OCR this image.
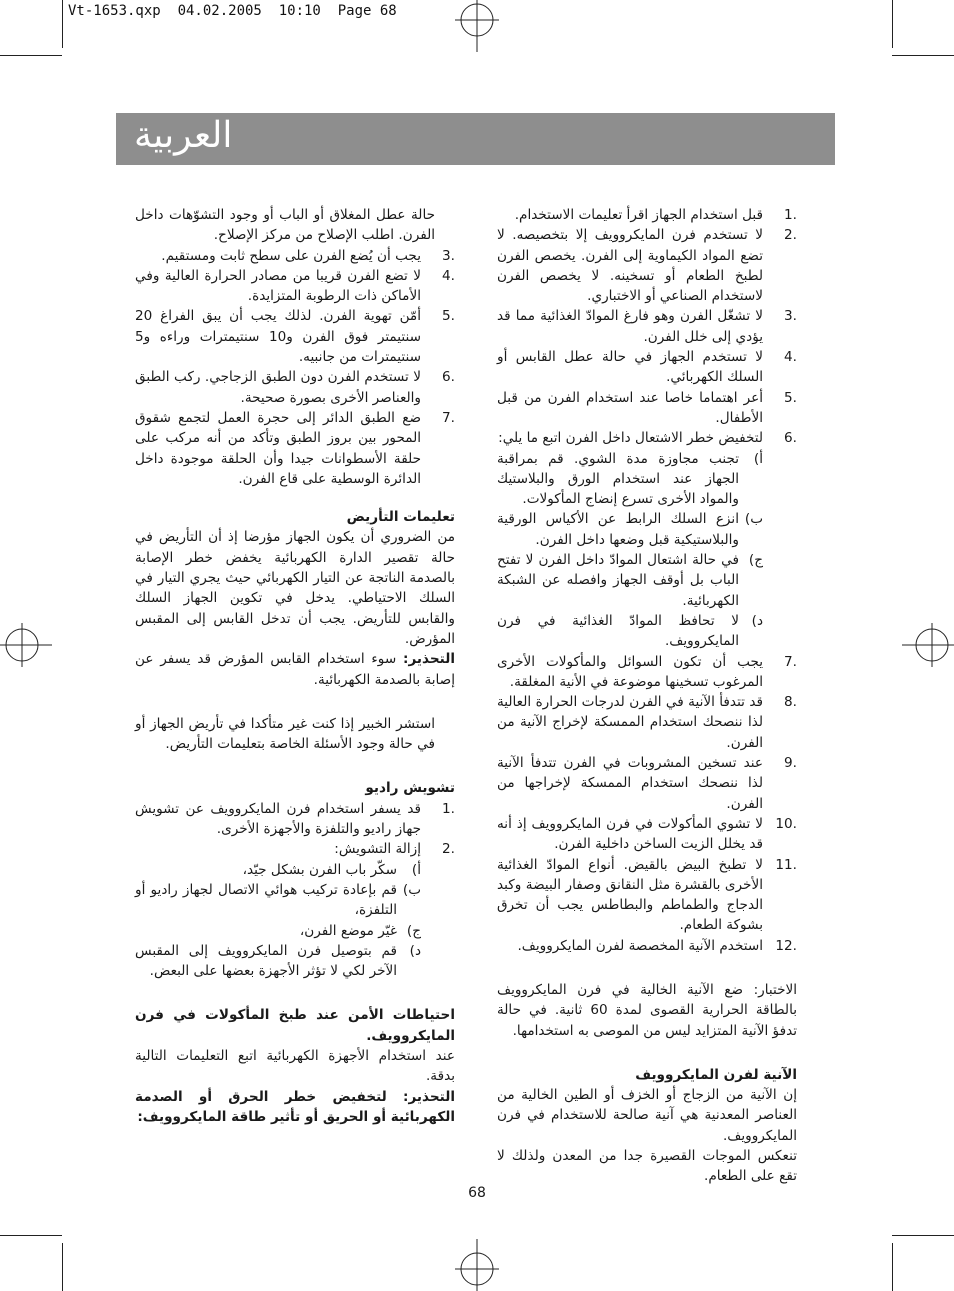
Vt-1653.qxp  04.02.2005  10:10  Page 68
العربية
.1
قبل استخدام الجهاز اقرأ تعليمات الاستخدام.
.2
لا تستخدم فرن المايكروويف إلا بتخصيصه. لا تضع المواد الكيماوية إلى الفرن. يخصص الفرن لطبخ الطعام أو تسخينه. لا يخصص الفرن لاستخدام الصناعي أو الاختباري.
.3
لا تشغّل الفرن وهو فارغ الموادّ الغذائية مما قد يؤدي إلى خلل الفرن.
.4
لا تستخدم الجهاز في حالة عطل القابس أو السلك الكهربائي.
.5
أعر اهتماما خاصا عند استخدام الفرن من قبل الأطفال.
.6
لتخفيض خطر الاشتعال داخل الفرن اتبع ما يلي:
أ)
تجنب مجاوزة مدة الشوي. قم بمراقبة الجهاز عند استخدام الورق والبلاستيك والمواد الأخرى تسرع إنضاج المأكولات.
ب)
انزع السلك الرابط عن الأكياس الورقية والبلاستيكية قبل وضعها داخل الفرن.
ج)
في حالة اشتعال الموادّ داخل الفرن لا تفتح الباب بل أوقف الجهاز وافصله عن الشبكة الكهربائية.
د)
لا تحافظ الموادّ الغذائية في فرن المايكروويف.
.7
يجب أن تكون السوائل والمأكولات الأخرى المرغوب تسخينها موضوعة في الأنية المغلقة.
.8
قد تتدفأ الآنية في الفرن لدرجات الحرارة العالية لذا ننصحك استخدام الممسكة لإخراج الآنية من الفرن.
.9
عند تسخين المشروبات في الفرن تتدفأ الآنية لذا ننصحك استخدام الممسكة لإخراجها من الفرن.
.10
لا تشوي المأكولات في فرن المايكروويف إذ أنه قد يخلل الزيت الساخن داخلية الفرن.
.11
لا تطبخ البيض بالقيض. أنواع الموادّ الغذائية الأخرى بالقشرة مثل النقانق وصفار البيضة وكبد الدجاج والطماطم والبطاطس يجب أن تخرق بشوكة الطعام.
.12
استخدم الآنية المخصصة لفرن المايكروويف.

الاختبار: ضع الآنية الخالية في فرن المايكروويف بالطاقة الحرارية القصوى لمدة 60 ثانية. في حالة تدفؤ الآنية المتزايد ليس من الموصى به استخدامها.

الآنية لفرن المايكروويف

إن الآنية من الزجاج أو الخزف أو الطين الخالية من العناصر المعدنية هي آنية صالحة للاستخدام في فرن المايكروويف.

تنعكس الموجات القصيرة جدا من المعدن ولذلك لا تقع على الطعام.

حالة عطل المغلاق أو الباب أو وجود التشوّهات داخل الفرن. اطلب الإصلاح من مركز الإصلاح.

.3
يجب أن يُضع الفرن على سطح ثابت ومستقيم.
.4
لا تضع الفرن قريبا من مصادر الحرارة العالية وفي الأماكن ذات الرطوبة المتزايدة.
.5
أمّن تهوية الفرن. لذلك يجب أن يبق الفراغ 20 سنتيمتر فوق الفرن و10 سنتيمترات وراءه و5 سنتيمترات من جانبيه.
.6
لا تستخدم الفرن دون الطبق الزجاجي. ركب الطبق والعناصر الأخرى بصورة صحيحة.
.7
ضع الطبق الدائر إلى حجرة العمل لتجمع شقوق المحور بين بروز الطبق وتأكد من أنه مركب على حلقة الأسطوانات جيدا وأن الحلقة موجودة داخل الدائرة الوسطية على قاع الفرن.

تعليمات التأريض

من الضروري أن يكون الجهاز مؤرضا إذ أن التأريض في حالة تقصير الدارة الكهربائية يخفض خطر الإصابة بالصدمة الناتجة عن التيار الكهربائي حيث يجري التيار في السلك الاحتياطي. يدخل في تكوين الجهاز السلك والقابس للتأريض. يجب أن تدخل القابس إلى المقبس المؤرض.

التحذير: سوء استخدام القابس المؤرض قد يسفر عن إصابة بالصدمة الكهربائية.

استشر الخبير إذا كنت غير متأكدا في تأريض الجهاز أو في حالة وجود الأسئلة الخاصة بتعليمات التأريض.

تشويش راديو

.1
قد يسفر استخدام فرن المايكروويف عن تشويش جهاز راديو والتلفزة والأجهزة الأخرى.
.2
إزالة التشويش:
أ)
سكّر باب الفرن بشكل جيّد،
ب)
قم بإعادة تركيب هوائي الاتصال لجهاز راديو أو التلفزة،
ج)
غيّر موضع الفرن،
د)
قم بتوصيل فرن المايكروويف إلى المقبس الآخر لكي لا تؤثر الأجهزة بعضها على البعض.

احتياطات الأمن عند طبخ المأكولات في فرن المايكروويف.

عند استخدام الأجهزة الكهربائية اتبع التعليمات التالية بدقة.

التحذير: لتخفيض خطر الحرق أو الصدمة الكهربائية أو الحريق أو تأثير طاقة المايكروويف:

68
